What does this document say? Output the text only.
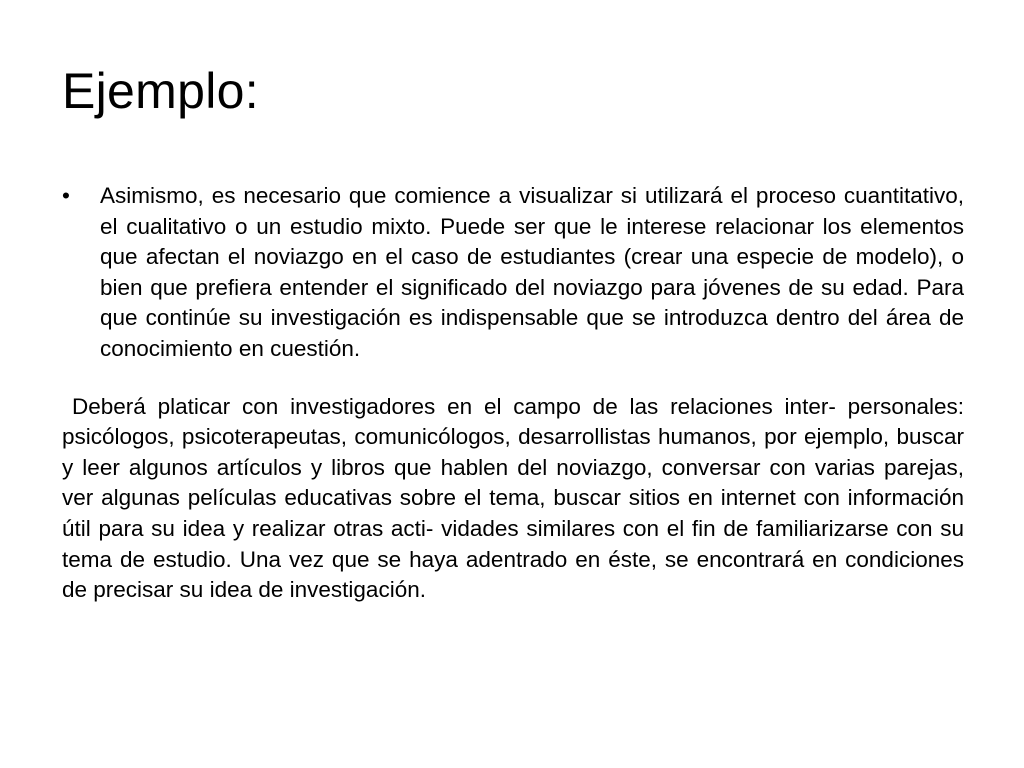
Ejemplo:
•	Asimismo, es necesario que comience a visualizar si utilizará el proceso cuantitativo, el cualitativo o un estudio mixto. Puede ser que le interese relacionar los elementos que afectan el noviazgo en el caso de estudiantes (crear una especie de modelo), o bien que prefiera entender el significado del noviazgo para jóvenes de su edad. Para que continúe su investigación es indispensable que se introduzca dentro del área de conocimiento en cuestión.

Deberá platicar con investigadores en el campo de las relaciones inter- personales: psicólogos, psicoterapeutas, comunicólogos, desarrollistas humanos, por ejemplo, buscar y leer algunos artículos y libros que hablen del noviazgo, conversar con varias parejas, ver algunas películas educativas sobre el tema, buscar sitios en internet con información útil para su idea y realizar otras acti- vidades similares con el fin de familiarizarse con su tema de estudio. Una vez que se haya adentrado en éste, se encontrará en condiciones de precisar su idea de investigación.
